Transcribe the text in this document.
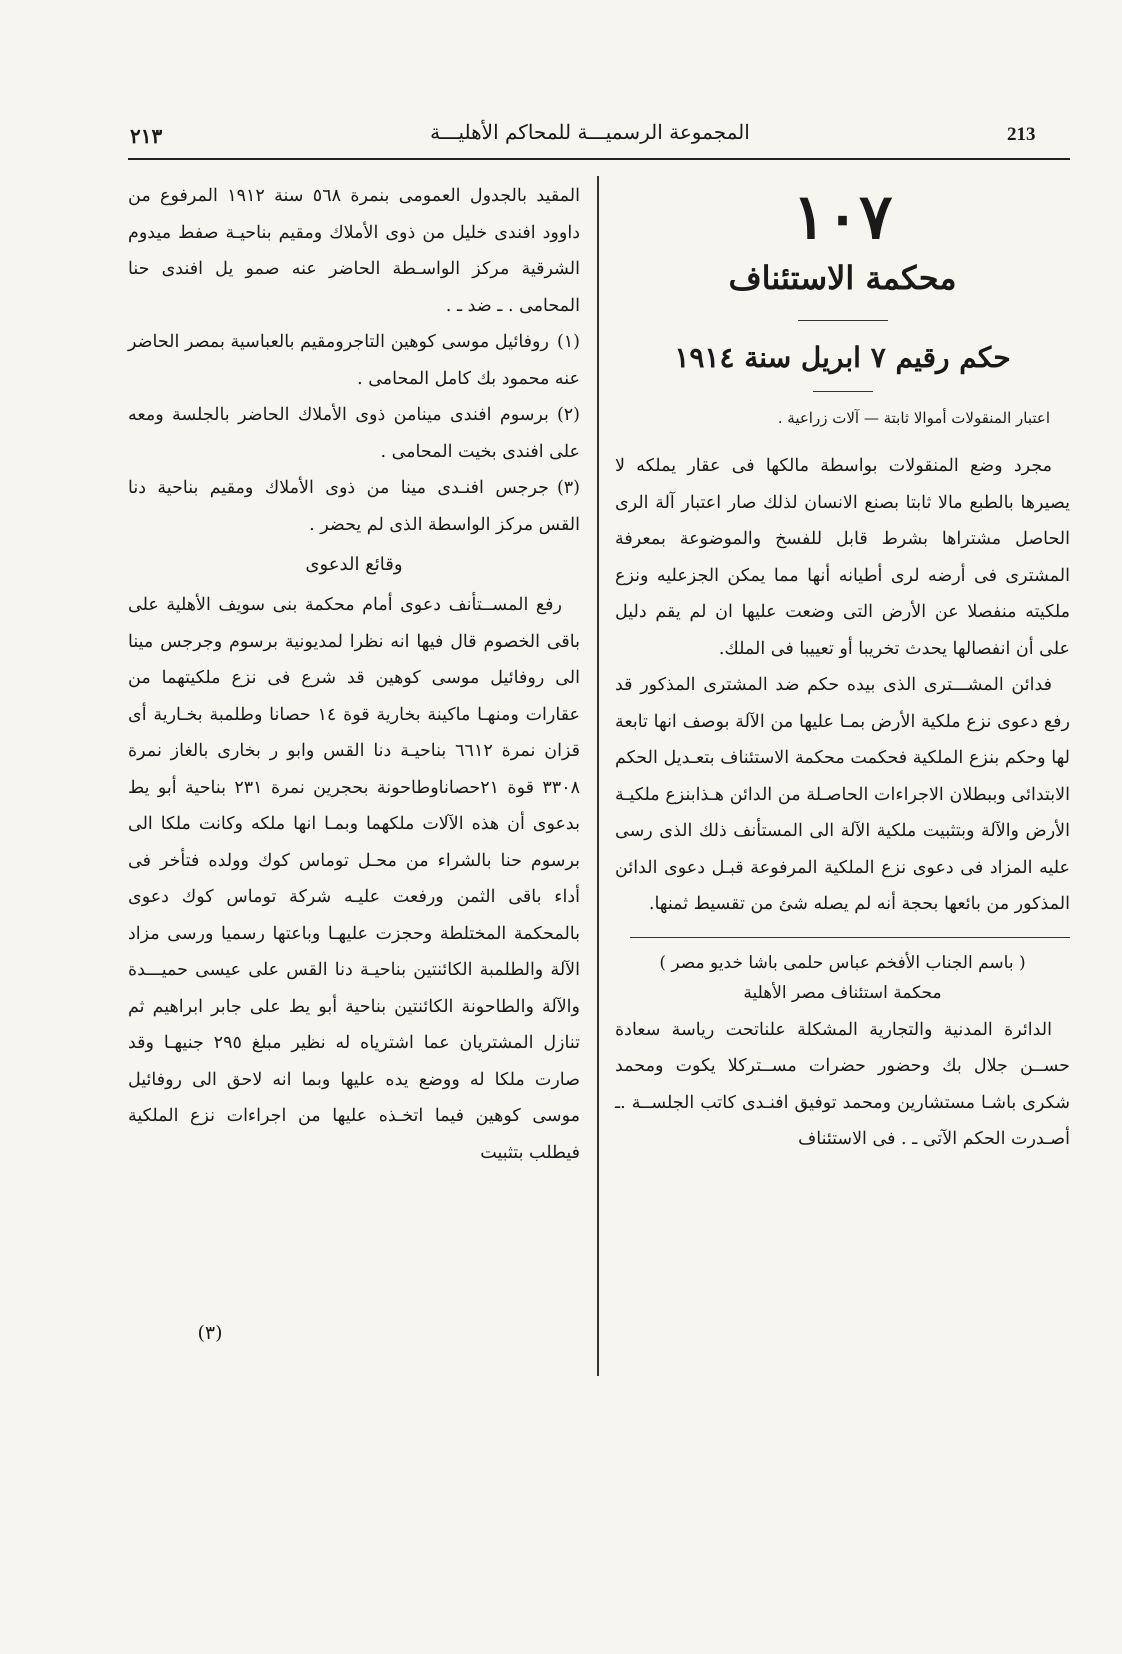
213
المجموعة الرسميـــة للمحاكم الأهليـــة
٢١٣
١٠٧
محكمة الاستئناف
حكم رقيم ٧ ابريل سنة ١٩١٤
اعتبار المنقولات أموالا ثابتة — آلات زراعية .

مجرد وضع المنقولات بواسطة مالكها فى عقار يملكه لا يصيرها بالطبع مالا ثابتا بصنع الانسان لذلك صار اعتبار آلة الرى الحاصل مشتراها بشرط قابل للفسخ والموضوعة بمعرفة المشترى فى أرضه لرى أطيانه أنها مما يمكن الجزعليه ونزع ملكيته منفصلا عن الأرض التى وضعت عليها ان لم يقم دليل على أن انفصالها يحدث تخريبا أو تعييبا فى الملك.

فدائن المشـــترى الذى بيده حكم ضد المشترى المذكور قد رفع دعوى نزع ملكية الأرض بمـا عليها من الآلة بوصف انها تابعة لها وحكم بنزع الملكية فحكمت محكمة الاستئناف بتعـديل الحكم الابتدائى وببطلان الاجراءات الحاصـلة من الدائن هـذابنزع ملكيـة الأرض والآلة وبتثبيت ملكية الآلة الى المستأنف ذلك الذى رسى عليه المزاد فى دعوى نزع الملكية المرفوعة قبـل دعوى الدائن المذكور من بائعها بحجة أنه لم يصله شئ من تقسيط ثمنها.

( باسم الجناب الأفخم عباس حلمى باشا خديو مصر )
محكمة استئناف مصر الأهلية

الدائرة المدنية والتجارية المشكلة علناتحت رياسة سعادة حســن جلال بك وحضور حضرات مســتركلا يكوت ومحمد شكرى باشـا مستشارين ومحمد توفيق افنـدى كاتب الجلســة .ـ أصـدرت الحكم الآتى ـ . فى الاستئناف

المقيد بالجدول العمومى بنمرة ٥٦٨ سنة ١٩١٢ المرفوع من داوود افندى خليل من ذوى الأملاك ومقيم بناحيـة صفط ميدوم الشرقية مركز الواسـطة الحاضر عنه صمو يل افندى حنا المحامى . ـ ضد ـ .

(١)روفائيل موسى كوهين التاجرومقيم بالعباسية بمصر الحاضر عنه محمود بك كامل المحامى .

(٢)برسوم افندى مينامن ذوى الأملاك الحاضر بالجلسة ومعه على افندى بخيت المحامى .

(٣)جرجس افنـدى مينا من ذوى الأملاك ومقيم بناحية دنا القس مركز الواسطة الذى لم يحضر .

وقائع الدعوى

رفع المســتأنف دعوى أمام محكمة بنى سويف الأهلية على باقى الخصوم قال فيها انه نظرا لمديونية برسوم وجرجس مينا الى روفائيل موسى كوهين قد شرع فى نزع ملكيتهما من عقارات ومنهـا ماكينة بخارية قوة ١٤ حصانا وطلمبة بخـارية أى قزان نمرة ٦٦١٢ بناحيـة دنا القس وابو ر بخارى بالغاز نمرة ٣٣٠٨ قوة ٢١حصاناوطاحونة بحجرين نمرة ٢٣١ بناحية أبو يط بدعوى أن هذه الآلات ملكهما وبمـا انها ملكه وكانت ملكا الى برسوم حنا بالشراء من محـل توماس كوك وولده فتأخر فى أداء باقى الثمن ورفعت عليـه شركة توماس كوك دعوى بالمحكمة المختلطة وحجزت عليهـا وباعتها رسميا ورسى مزاد الآلة والطلمبة الكائنتين بناحيـة دنا القس على عيسى حميـــدة والآلة والطاحونة الكائنتين بناحية أبو يط على جابر ابراهيم ثم تنازل المشتريان عما اشترياه له نظير مبلغ ٢٩٥ جنيهـا وقد صارت ملكا له ووضع يده عليها وبما انه لاحق الى روفائيل موسى كوهين فيما اتخـذه عليها من اجراءات نزع الملكية فيطلب بتثبيت

(٣)
